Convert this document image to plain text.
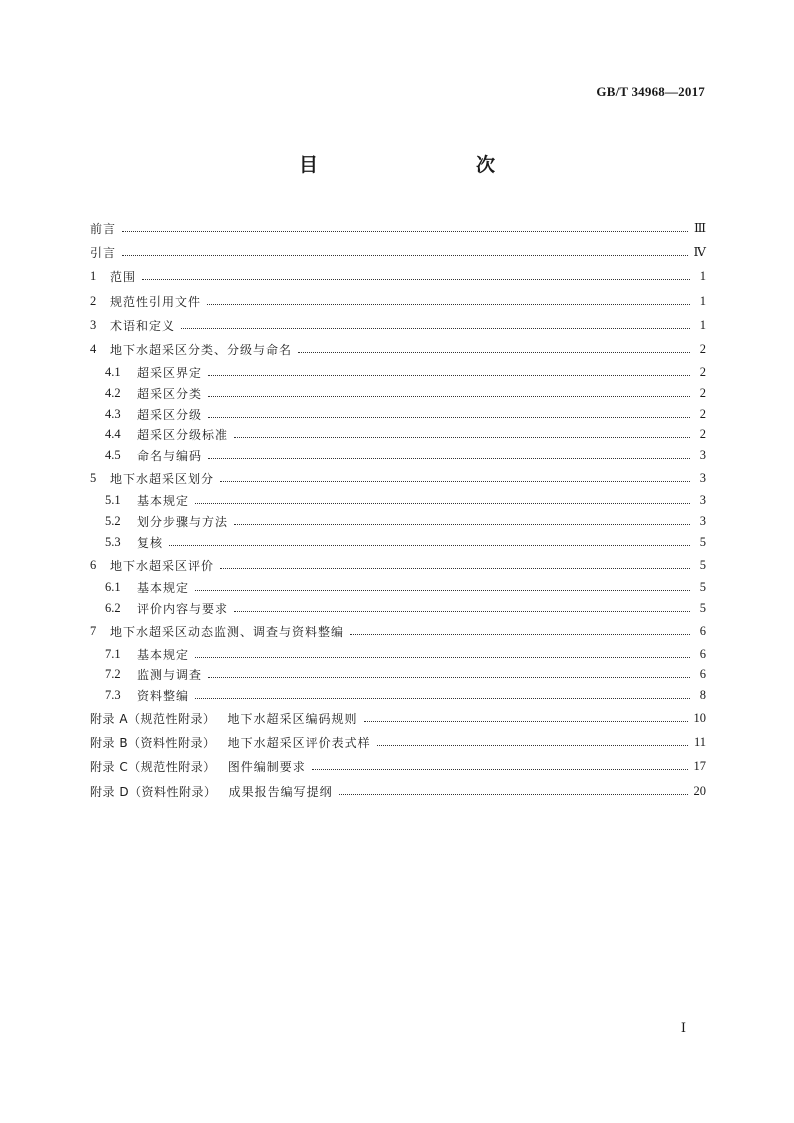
GB/T 34968—2017
目　　次
前言	Ⅲ
引言	Ⅳ
1	范围	1
2	规范性引用文件	1
3	术语和定义	1
4	地下水超采区分类、分级与命名	2
4.1	超采区界定	2
4.2	超采区分类	2
4.3	超采区分级	2
4.4	超采区分级标准	2
4.5	命名与编码	3
5	地下水超采区划分	3
5.1	基本规定	3
5.2	划分步骤与方法	3
5.3	复核	5
6	地下水超采区评价	5
6.1	基本规定	5
6.2	评价内容与要求	5
7	地下水超采区动态监测、调查与资料整编	6
7.1	基本规定	6
7.2	监测与调查	6
7.3	资料整编	8
附录 A（规范性附录） 地下水超采区编码规则	10
附录 B（资料性附录） 地下水超采区评价表式样	11
附录 C（规范性附录） 图件编制要求	17
附录 D（资料性附录） 成果报告编写提纲	20
Ⅰ
